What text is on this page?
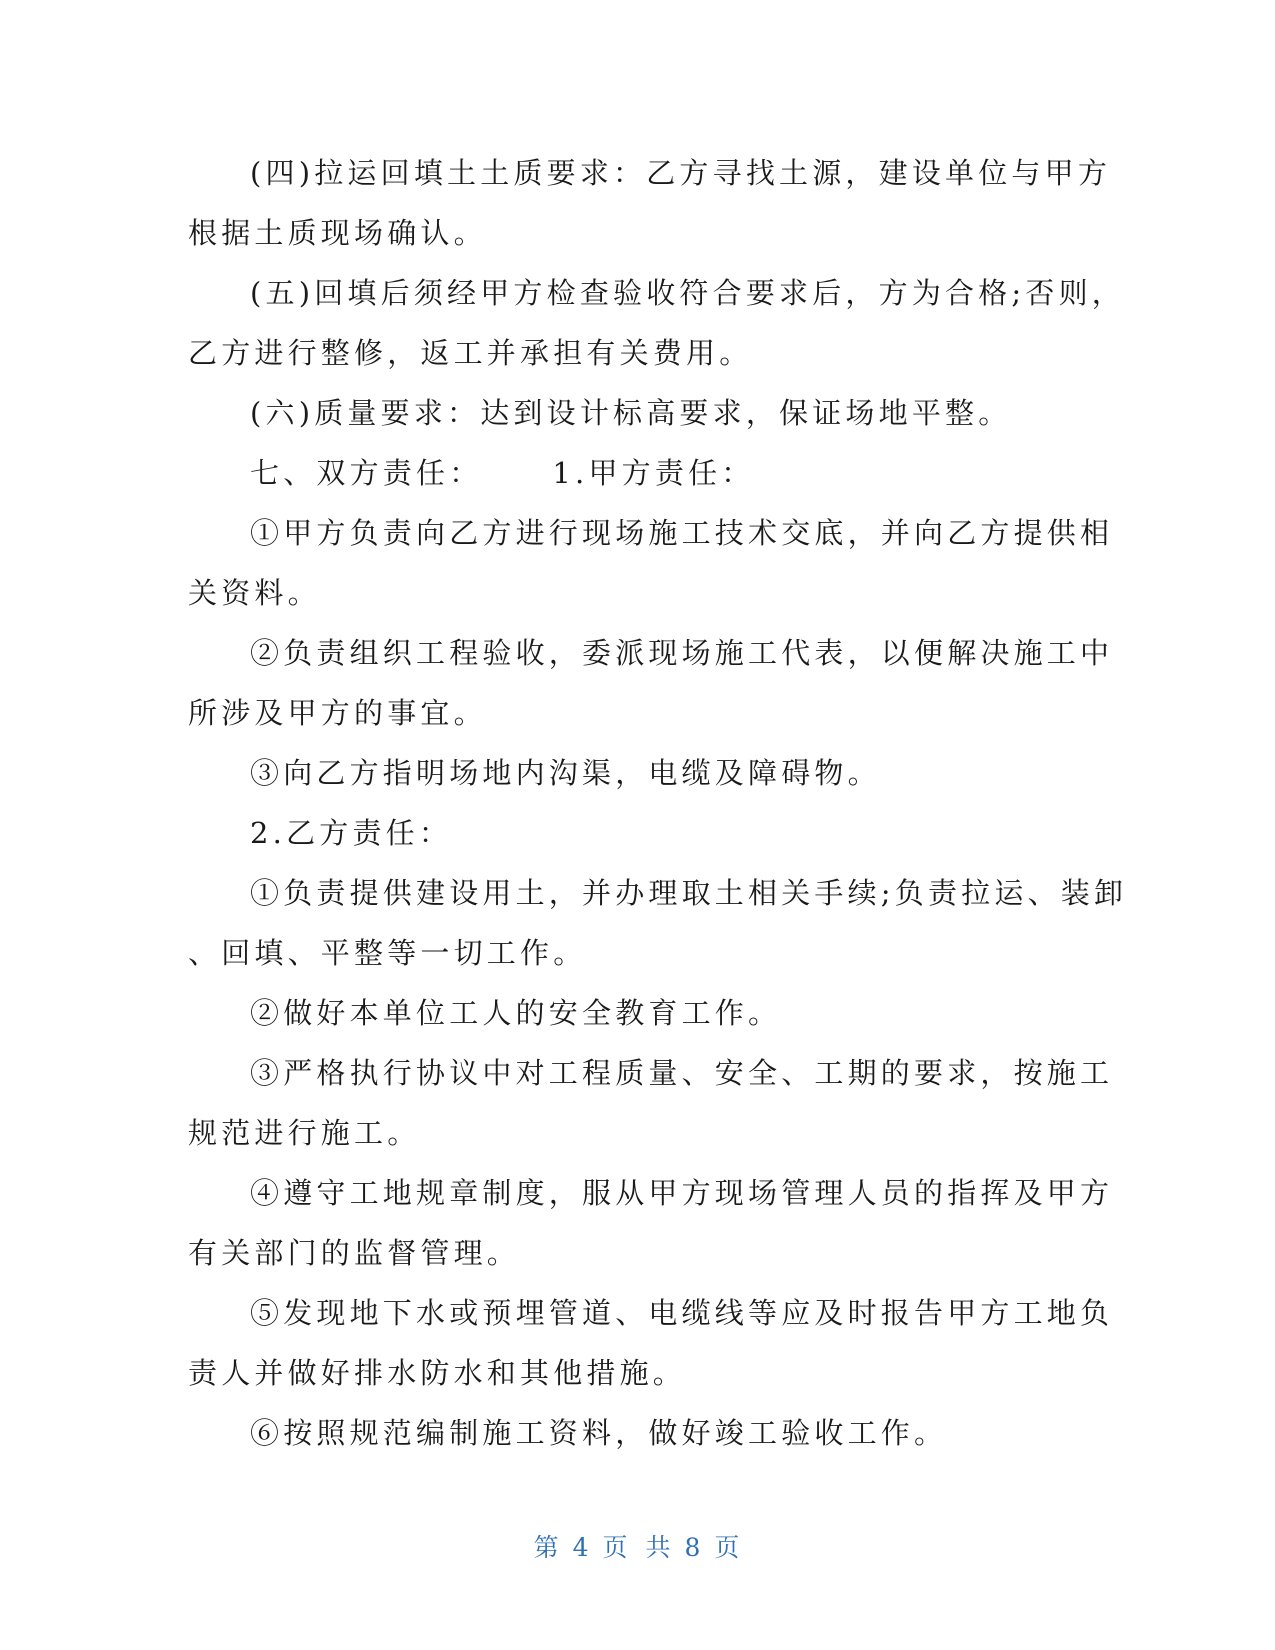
(四)拉运回填土土质要求：乙方寻找土源，建设单位与甲方

根据土质现场确认。

(五)回填后须经甲方检查验收符合要求后，方为合格;否则，

乙方进行整修，返工并承担有关费用。

(六)质量要求：达到设计标高要求，保证场地平整。

七、双方责任： 1.甲方责任：

①甲方负责向乙方进行现场施工技术交底，并向乙方提供相

关资料。

②负责组织工程验收，委派现场施工代表，以便解决施工中

所涉及甲方的事宜。

③向乙方指明场地内沟渠，电缆及障碍物。

2.乙方责任：

①负责提供建设用土，并办理取土相关手续;负责拉运、装卸

、回填、平整等一切工作。

②做好本单位工人的安全教育工作。

③严格执行协议中对工程质量、安全、工期的要求，按施工

规范进行施工。

④遵守工地规章制度，服从甲方现场管理人员的指挥及甲方

有关部门的监督管理。

⑤发现地下水或预埋管道、电缆线等应及时报告甲方工地负

责人并做好排水防水和其他措施。

⑥按照规范编制施工资料，做好竣工验收工作。

第 4 页 共 8 页
